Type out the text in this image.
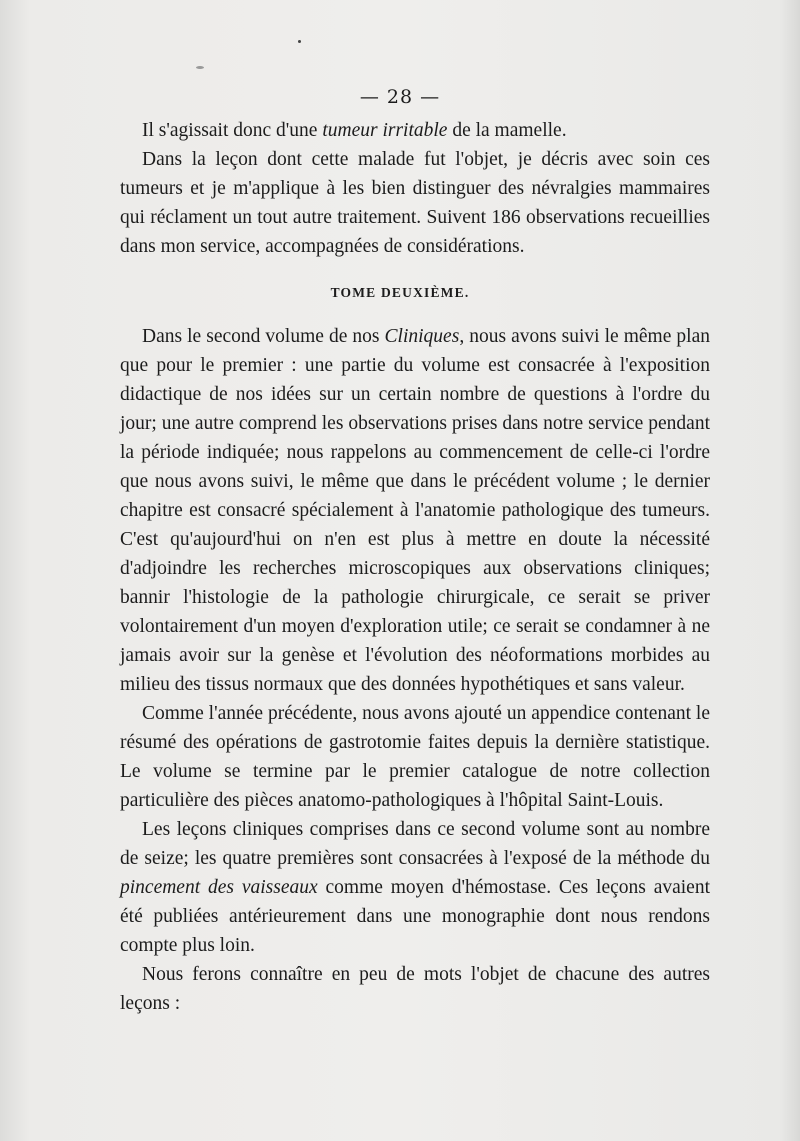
— 28 —

Il s'agissait donc d'une tumeur irritable de la mamelle.

Dans la leçon dont cette malade fut l'objet, je décris avec soin ces tumeurs et je m'applique à les bien distinguer des névralgies mammaires qui réclament un tout autre traitement. Suivent 186 observations recueillies dans mon service, accompagnées de considérations.

TOME DEUXIÈME.

Dans le second volume de nos Cliniques, nous avons suivi le même plan que pour le premier : une partie du volume est consacrée à l'exposition didactique de nos idées sur un certain nombre de questions à l'ordre du jour; une autre comprend les observations prises dans notre service pendant la période indiquée; nous rappelons au commencement de celle-ci l'ordre que nous avons suivi, le même que dans le précédent volume ; le dernier chapitre est consacré spécialement à l'anatomie pathologique des tumeurs. C'est qu'aujourd'hui on n'en est plus à mettre en doute la nécessité d'adjoindre les recherches microscopiques aux observations cliniques; bannir l'histologie de la pathologie chirurgicale, ce serait se priver volontairement d'un moyen d'exploration utile; ce serait se condamner à ne jamais avoir sur la genèse et l'évolution des néoformations morbides au milieu des tissus normaux que des données hypothétiques et sans valeur.

Comme l'année précédente, nous avons ajouté un appendice contenant le résumé des opérations de gastrotomie faites depuis la dernière statistique. Le volume se termine par le premier catalogue de notre collection particulière des pièces anatomo-pathologiques à l'hôpital Saint-Louis.

Les leçons cliniques comprises dans ce second volume sont au nombre de seize; les quatre premières sont consacrées à l'exposé de la méthode du pincement des vaisseaux comme moyen d'hémostase. Ces leçons avaient été publiées antérieurement dans une monographie dont nous rendons compte plus loin.

Nous ferons connaître en peu de mots l'objet de chacune des autres leçons :
